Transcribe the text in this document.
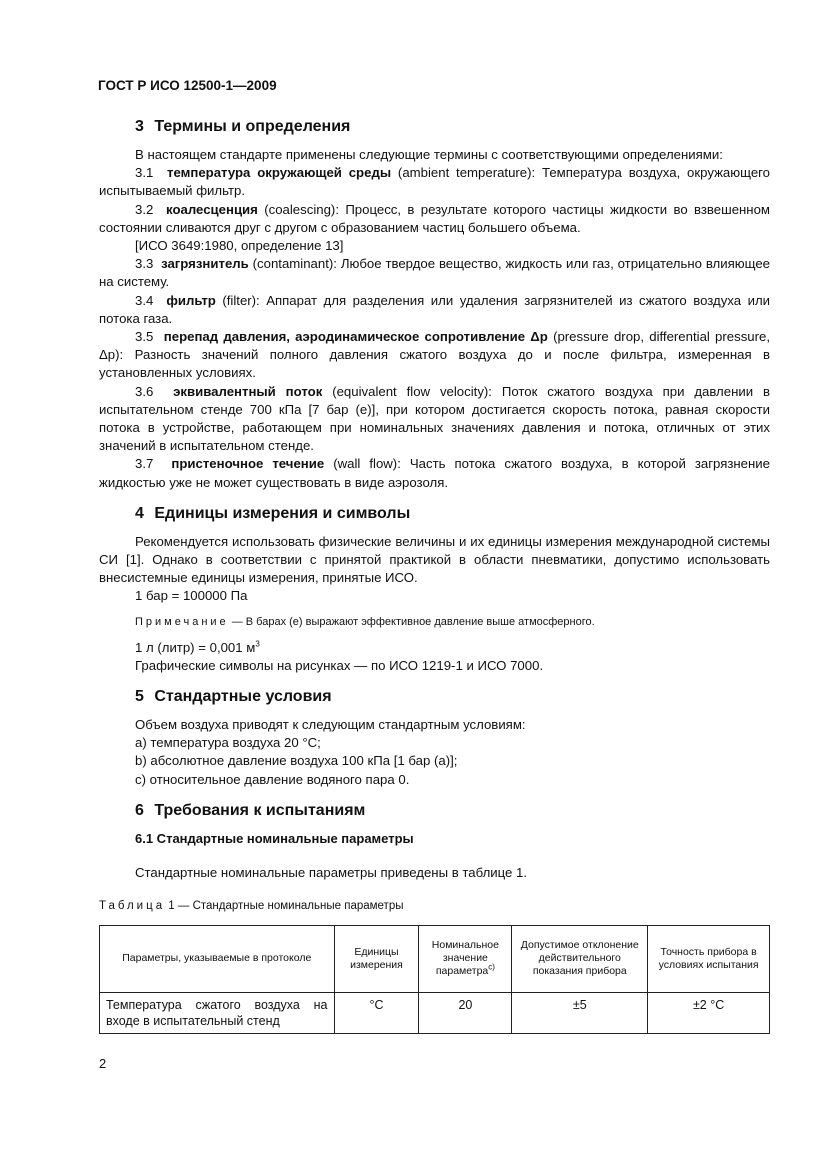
ГОСТ Р ИСО 12500-1—2009
3 Термины и определения

В настоящем стандарте применены следующие термины с соответствующими определениями:

3.1 температура окружающей среды (ambient temperature): Температура воздуха, окружающего испытываемый фильтр.

3.2 коалесценция (coalescing): Процесс, в результате которого частицы жидкости во взвешенном состоянии сливаются друг с другом с образованием частиц большего объема.

[ИСО 3649:1980, определение 13]

3.3 загрязнитель (contaminant): Любое твердое вещество, жидкость или газ, отрицательно влияющее на систему.

3.4 фильтр (filter): Аппарат для разделения или удаления загрязнителей из сжатого воздуха или потока газа.

3.5 перепад давления, аэродинамическое сопротивление Δp (pressure drop, differential pressure, Δp): Разность значений полного давления сжатого воздуха до и после фильтра, измеренная в установленных условиях.

3.6 эквивалентный поток (equivalent flow velocity): Поток сжатого воздуха при давлении в испытательном стенде 700 кПа [7 бар (е)], при котором достигается скорость потока, равная скорости потока в устройстве, работающем при номинальных значениях давления и потока, отличных от этих значений в испытательном стенде.

3.7 пристеночное течение (wall flow): Часть потока сжатого воздуха, в которой загрязнение жидкостью уже не может существовать в виде аэрозоля.

4 Единицы измерения и символы

Рекомендуется использовать физические величины и их единицы измерения международной системы СИ [1]. Однако в соответствии с принятой практикой в области пневматики, допустимо использовать внесистемные единицы измерения, принятые ИСО.

1 бар = 100000 Па

Примечание — В барах (е) выражают эффективное давление выше атмосферного.

1 л (литр) = 0,001 $м^3$

Графические символы на рисунках — по ИСО 1219-1 и ИСО 7000.

5 Стандартные условия

Объем воздуха приводят к следующим стандартным условиям:

a) температура воздуха 20 °С;

b) абсолютное давление воздуха 100 кПа [1 бар (а)];

с) относительное давление водяного пара 0.

6 Требования к испытаниям
6.1 Стандартные номинальные параметры

Стандартные номинальные параметры приведены в таблице 1.

Таблица 1 — Стандартные номинальные параметры
Параметры, указываемые в протоколе	Единицы измерения	Номинальное значение параметра$^{c)}$	Допустимое отклонение действительного показания прибора	Точность прибора в условиях испытания
Температура сжатого воздуха на входе в испытательный стенд	°С	20	±5	±2 °С
2
